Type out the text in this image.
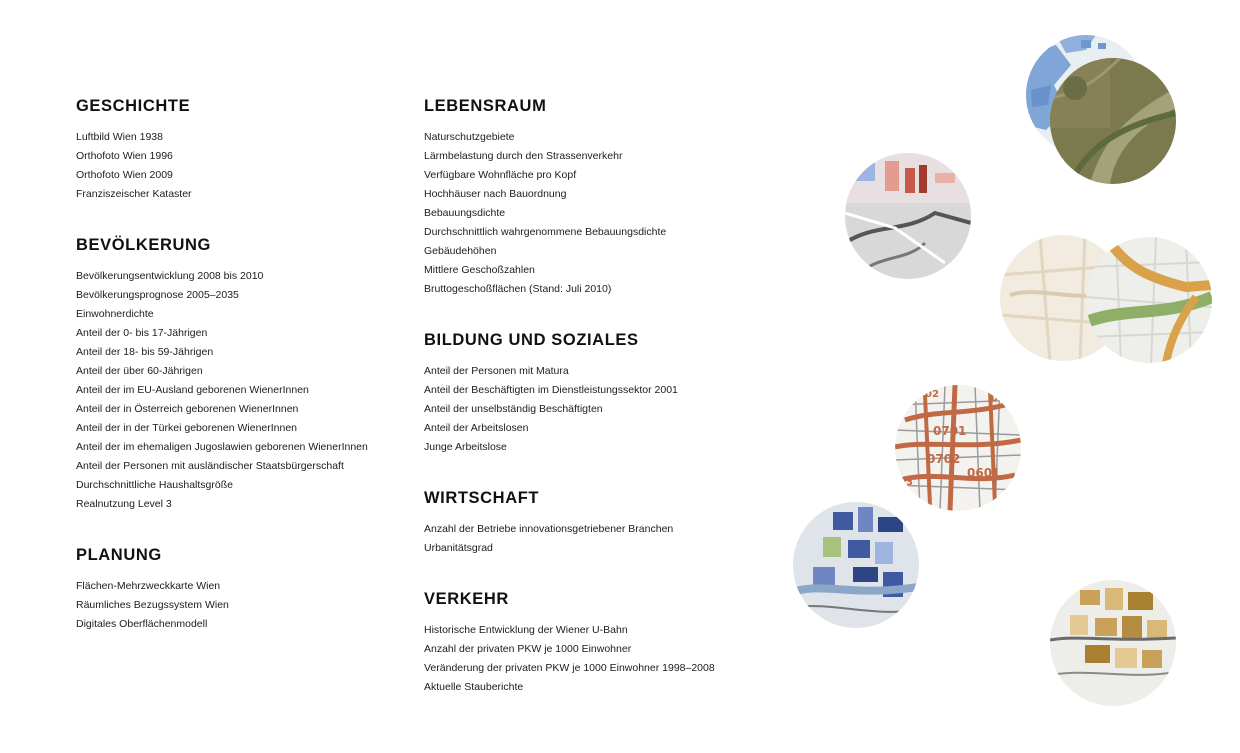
GESCHICHTE
Luftbild Wien 1938
Orthofoto Wien 1996
Orthofoto Wien 2009
Franziszeischer Kataster
BEVÖLKERUNG
Bevölkerungsentwicklung 2008 bis 2010
Bevölkerungsprognose 2005–2035
Einwohnerdichte
Anteil der 0- bis 17-Jährigen
Anteil der 18- bis 59-Jährigen
Anteil der über 60-Jährigen
Anteil der im EU-Ausland geborenen WienerInnen
Anteil der in Österreich geborenen WienerInnen
Anteil der in der Türkei geborenen WienerInnen
Anteil der im ehemaligen Jugoslawien geborenen WienerInnen
Anteil der Personen mit ausländischer Staatsbürgerschaft
Durchschnittliche Haushaltsgröße
Realnutzung Level 3
PLANUNG
Flächen-Mehrzweckkarte Wien
Räumliches Bezugssystem Wien
Digitales Oberflächenmodell
LEBENSRAUM
Naturschutzgebiete
Lärmbelastung durch den Strassenverkehr
Verfügbare Wohnfläche pro Kopf
Hochhäuser nach Bauordnung
Bebauungsdichte
Durchschnittlich wahrgenommene Bebauungsdichte
Gebäudehöhen
Mittlere Geschoßzahlen
Bruttogeschoßflächen (Stand: Juli 2010)
BILDUNG UND SOZIALES
Anteil der Personen mit Matura
Anteil der Beschäftigten im Dienstleistungssektor 2001
Anteil der unselbständig Beschäftigten
Anteil der Arbeitslosen
Junge Arbeitslose
WIRTSCHAFT
Anzahl der Betriebe innovationsgetriebener Branchen
Urbanitätsgrad
VERKEHR
Historische Entwicklung der Wiener U-Bahn
Anzahl der privaten PKW je 1000 Einwohner
Veränderung der privaten PKW je 1000 Einwohner 1998–2008
Aktuelle Stauberichte
0701
0702
0601
02	01
03
